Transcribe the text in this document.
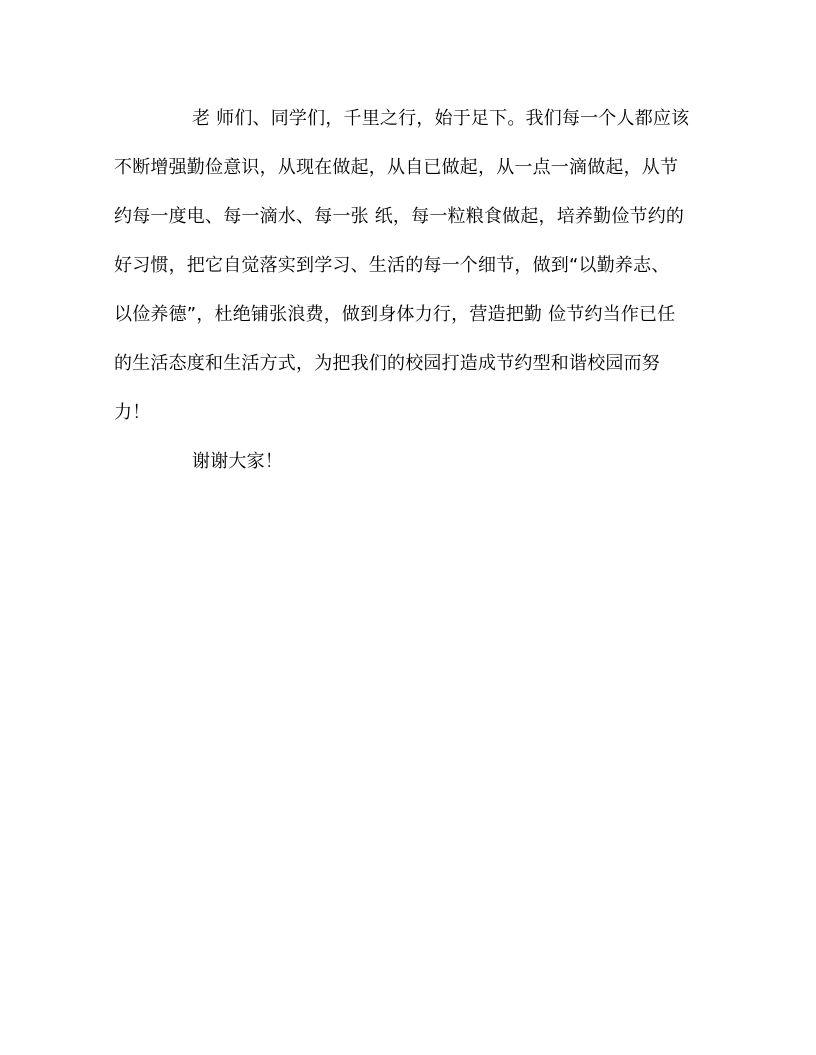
老 师们、同学们，千里之行，始于足下。我们每一个人都应该
不断增强勤俭意识，从现在做起，从自已做起，从一点一滴做起，从节
约每一度电、每一滴水、每一张 纸，每一粒粮食做起，培养勤俭节约的
好习惯，把它自觉落实到学习、生活的每一个细节，做到“以勤养志、
以俭养德”，杜绝铺张浪费，做到身体力行，营造把勤 俭节约当作已任
的生活态度和生活方式，为把我们的校园打造成节约型和谐校园而努
力！
谢谢大家！
